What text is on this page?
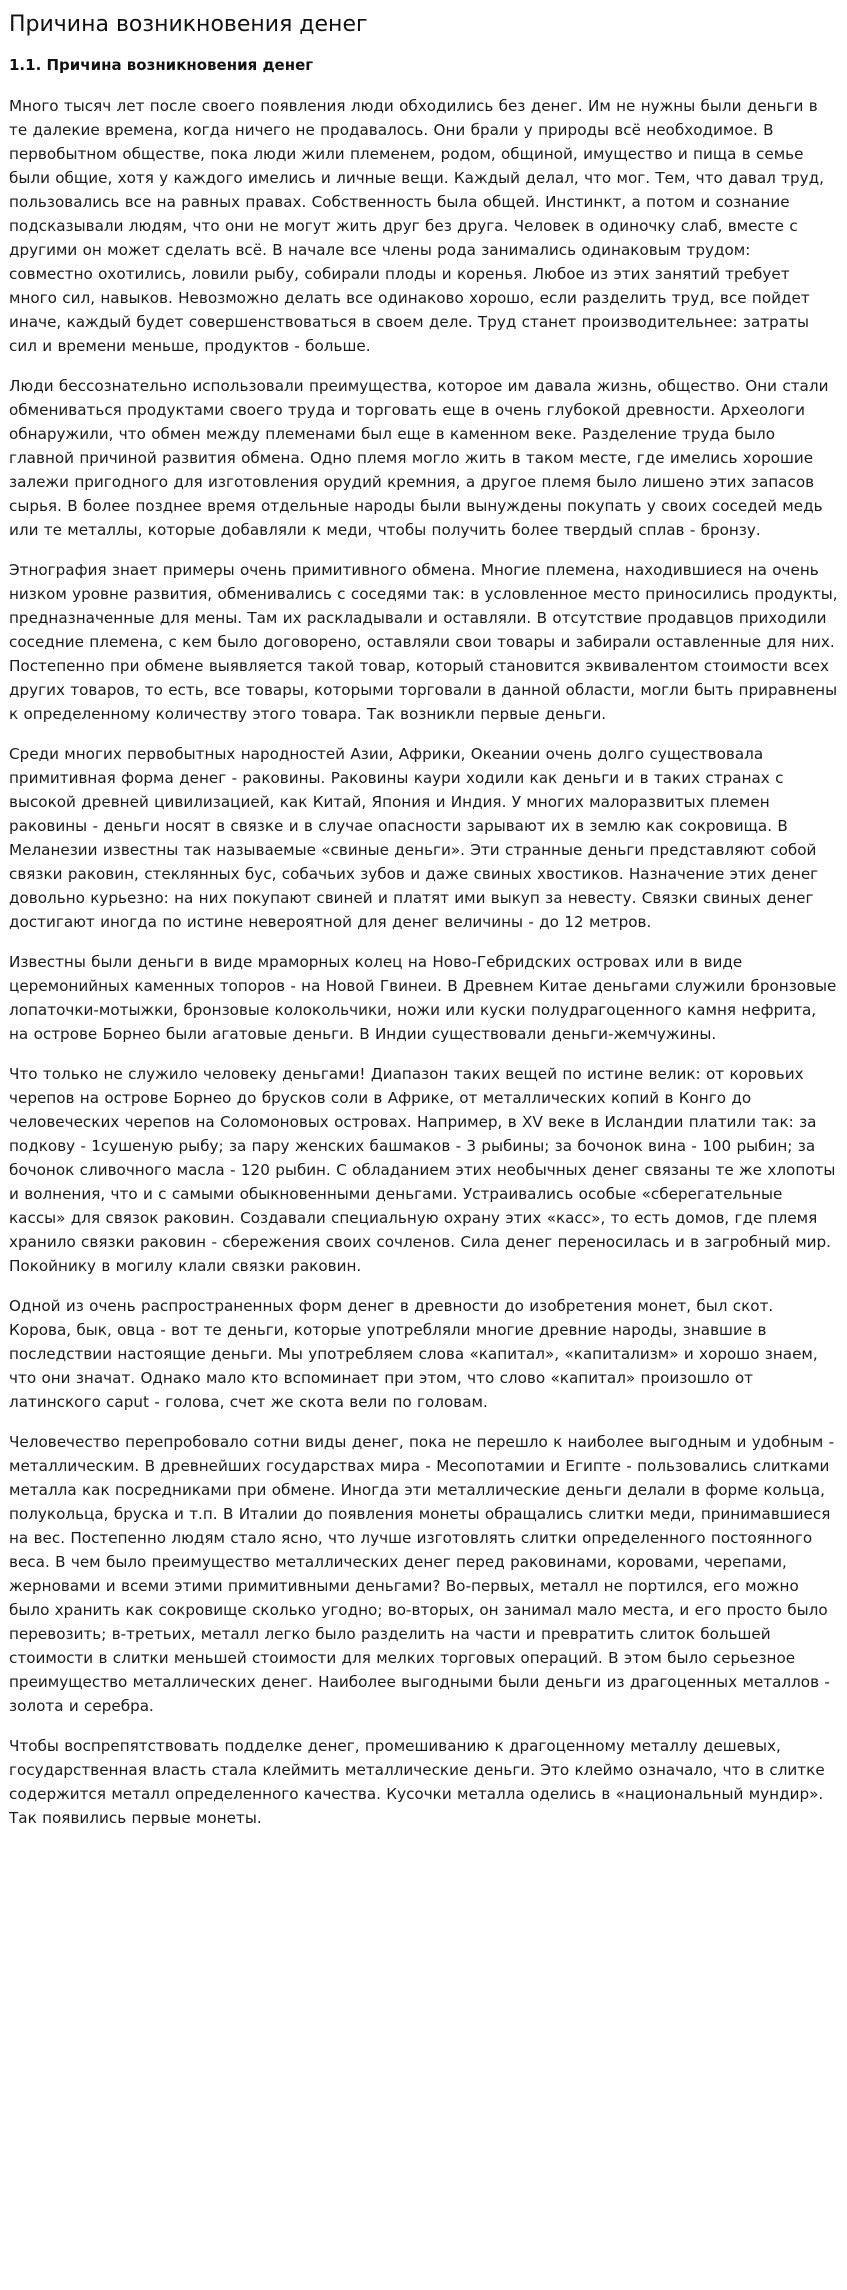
Причина возникновения денег
1.1. Причина возникновения денег

Много тысяч лет после своего появления люди обходились без денег. Им не нужны были деньги в те далекие времена, когда ничего не продавалось. Они брали у природы всё необходимое. В первобытном обществе, пока люди жили племенем, родом, общиной, имущество и пища в семье были общие, хотя у каждого имелись и личные вещи. Каждый делал, что мог. Тем, что давал труд, пользовались все на равных правах. Собственность была общей. Инстинкт, а потом и сознание подсказывали людям, что они не могут жить друг без друга. Человек в одиночку слаб, вместе с другими он может сделать всё. В начале все члены рода занимались одинаковым трудом: совместно охотились, ловили рыбу, собирали плоды и коренья. Любое из этих занятий требует много сил, навыков. Невозможно делать все одинаково хорошо, если разделить труд, все пойдет иначе, каждый будет совершенствоваться в своем деле. Труд станет производительнее: затраты сил и времени меньше, продуктов - больше.

Люди бессознательно использовали преимущества, которое им давала жизнь, общество. Они стали обмениваться продуктами своего труда и торговать еще в очень глубокой древности. Археологи обнаружили, что обмен между племенами был еще в каменном веке. Разделение труда было главной причиной развития обмена. Одно племя могло жить в таком месте, где имелись хорошие залежи пригодного для изготовления орудий кремния, а другое племя было лишено этих запасов сырья. В более позднее время отдельные народы были вынуждены покупать у своих соседей медь или те металлы, которые добавляли к меди, чтобы получить более твердый сплав - бронзу.

Этнография знает примеры очень примитивного обмена. Многие племена, находившиеся на очень низком уровне развития, обменивались с соседями так: в условленное место приносились продукты, предназначенные для мены. Там их раскладывали и оставляли. В отсутствие продавцов приходили соседние племена, с кем было договорено, оставляли свои товары и забирали оставленные для них. Постепенно при обмене выявляется такой товар, который становится эквивалентом стоимости всех других товаров, то есть, все товары, которыми торговали в данной области, могли быть приравнены к определенному количеству этого товара. Так возникли первые деньги.

Среди многих первобытных народностей Азии, Африки, Океании очень долго существовала примитивная форма денег - раковины. Раковины каури ходили как деньги и в таких странах с высокой древней цивилизацией, как Китай, Япония и Индия. У многих малоразвитых племен раковины - деньги носят в связке и в случае опасности зарывают их в землю как сокровища. В Меланезии известны так называемые «свиные деньги». Эти странные деньги представляют собой связки раковин, стеклянных бус, собачьих зубов и даже свиных хвостиков. Назначение этих денег довольно курьезно: на них покупают свиней и платят ими выкуп за невесту. Связки свиных денег достигают иногда по истине невероятной для денег величины - до 12 метров.

Известны были деньги в виде мраморных колец на Ново-Гебридских островах или в виде церемонийных каменных топоров - на Новой Гвинеи. В Древнем Китае деньгами служили бронзовые лопаточки-мотыжки, бронзовые колокольчики, ножи или куски полудрагоценного камня нефрита, на острове Борнео были агатовые деньги. В Индии существовали деньги-жемчужины.

Что только не служило человеку деньгами! Диапазон таких вещей по истине велик: от коровьих черепов на острове Борнео до брусков соли в Африке, от металлических копий в Конго до человеческих черепов на Соломоновых островах. Например, в XV веке в Исландии платили так: за подкову - 1сушеную рыбу; за пару женских башмаков - 3 рыбины; за бочонок вина - 100 рыбин; за бочонок сливочного масла - 120 рыбин. С обладанием этих необычных денег связаны те же хлопоты и волнения, что и с самыми обыкновенными деньгами. Устраивались особые «сберегательные кассы» для связок раковин. Создавали специальную охрану этих «касс», то есть домов, где племя хранило связки раковин - сбережения своих сочленов. Сила денег переносилась и в загробный мир. Покойнику в могилу клали связки раковин.

Одной из очень распространенных форм денег в древности до изобретения монет, был скот. Корова, бык, овца - вот те деньги, которые употребляли многие древние народы, знавшие в последствии настоящие деньги. Мы употребляем слова «капитал», «капитализм» и хорошо знаем, что они значат. Однако мало кто вспоминает при этом, что слово «капитал» произошло от латинского caput - голова, счет же скота вели по головам.

Человечество перепробовало сотни виды денег, пока не перешло к наиболее выгодным и удобным - металлическим. В древнейших государствах мира - Месопотамии и Египте - пользовались слитками металла как посредниками при обмене. Иногда эти металлические деньги делали в форме кольца, полукольца, бруска и т.п. В Италии до появления монеты обращались слитки меди, принимавшиеся на вес. Постепенно людям стало ясно, что лучше изготовлять слитки определенного постоянного веса. В чем было преимущество металлических денег перед раковинами, коровами, черепами, жерновами и всеми этими примитивными деньгами? Во-первых, металл не портился, его можно было хранить как сокровище сколько угодно; во-вторых, он занимал мало места, и его просто было перевозить; в-третьих, металл легко было разделить на части и превратить слиток большей стоимости в слитки меньшей стоимости для мелких торговых операций. В этом было серьезное преимущество металлических денег. Наиболее выгодными были деньги из драгоценных металлов - золота и серебра.

Чтобы воспрепятствовать подделке денег, промешиванию к драгоценному металлу дешевых, государственная власть стала клеймить металлические деньги. Это клеймо означало, что в слитке содержится металл определенного качества. Кусочки металла оделись в «национальный мундир». Так появились первые монеты.
